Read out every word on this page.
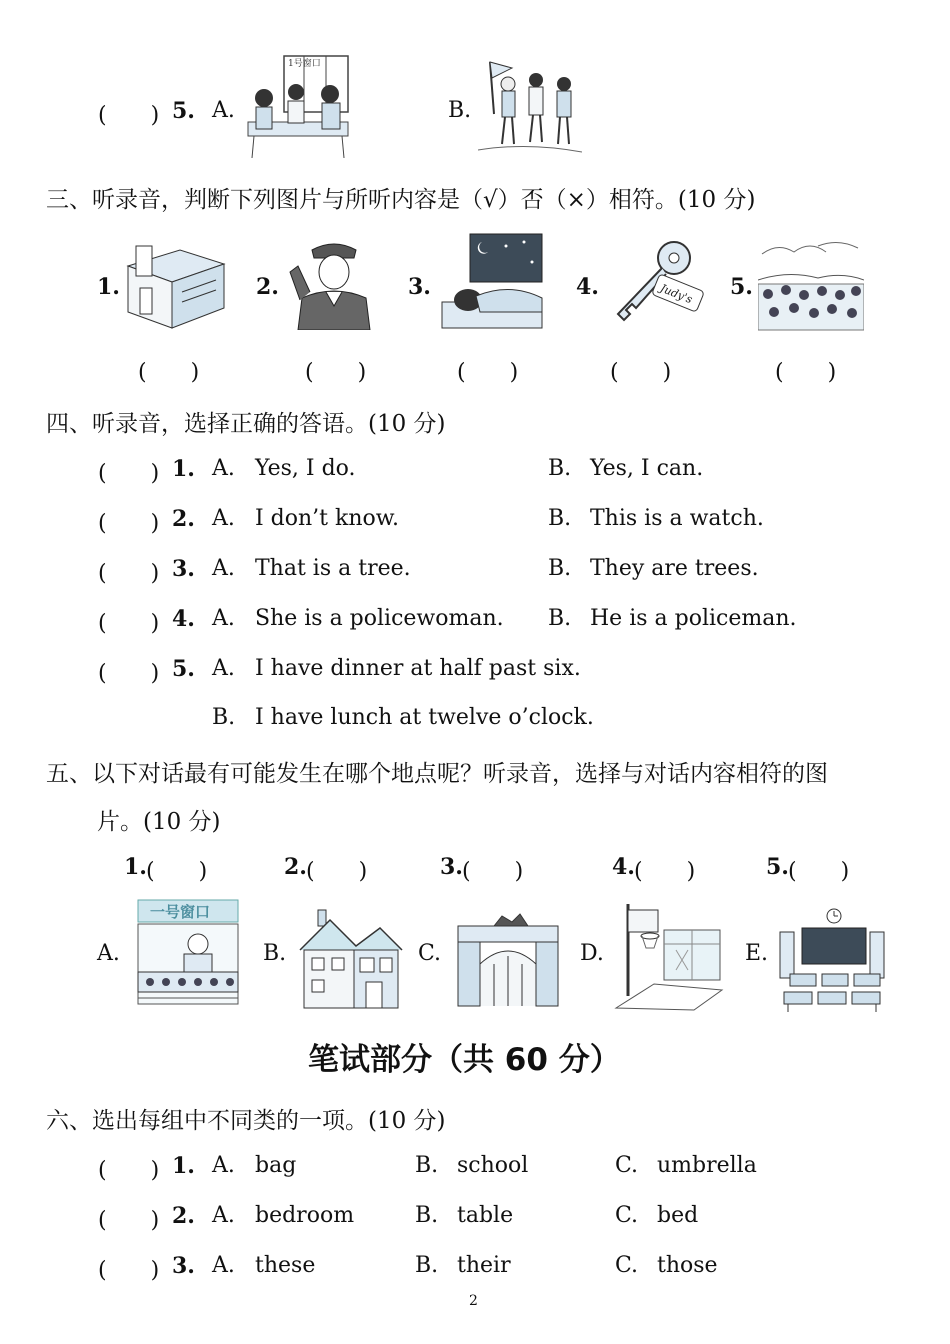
(　　) 5. A.
1号窗口
B.
三、听录音，判断下列图片与所听内容是（√）否（×）相符。(10 分)
1.	2.	3.	4.	Judy's 5.
(　　)	(　　)	(　　)	(　　)	(　　)
四、听录音，选择正确的答语。(10 分)
(　　) 1. A. Yes, I do.	B. Yes, I can.
(　　) 2. A. I don’t know.	B. This is a watch.
(　　) 3. A. That is a tree.	B. They are trees.
(　　) 4. A. She is a policewoman. B. He is a policeman.
(　　) 5. A. I have dinner at half past six.
B. I have lunch at twelve o’clock.
五、以下对话最有可能发生在哪个地点呢？听录音，选择与对话内容相符的图
片。(10 分)
1. (　　)	2. (　　)	3. (　　)	4. (　　)	5. (　　)
A.
一号窗口
B.	C.	D.	E.
笔试部分（共 60 分）
六、选出每组中不同类的一项。(10 分)
(　　) 1. A. bag	B. school	C. umbrella
(　　) 2. A. bedroom	B. table	C. bed
(　　) 3. A. these	B. their	C. those
2
